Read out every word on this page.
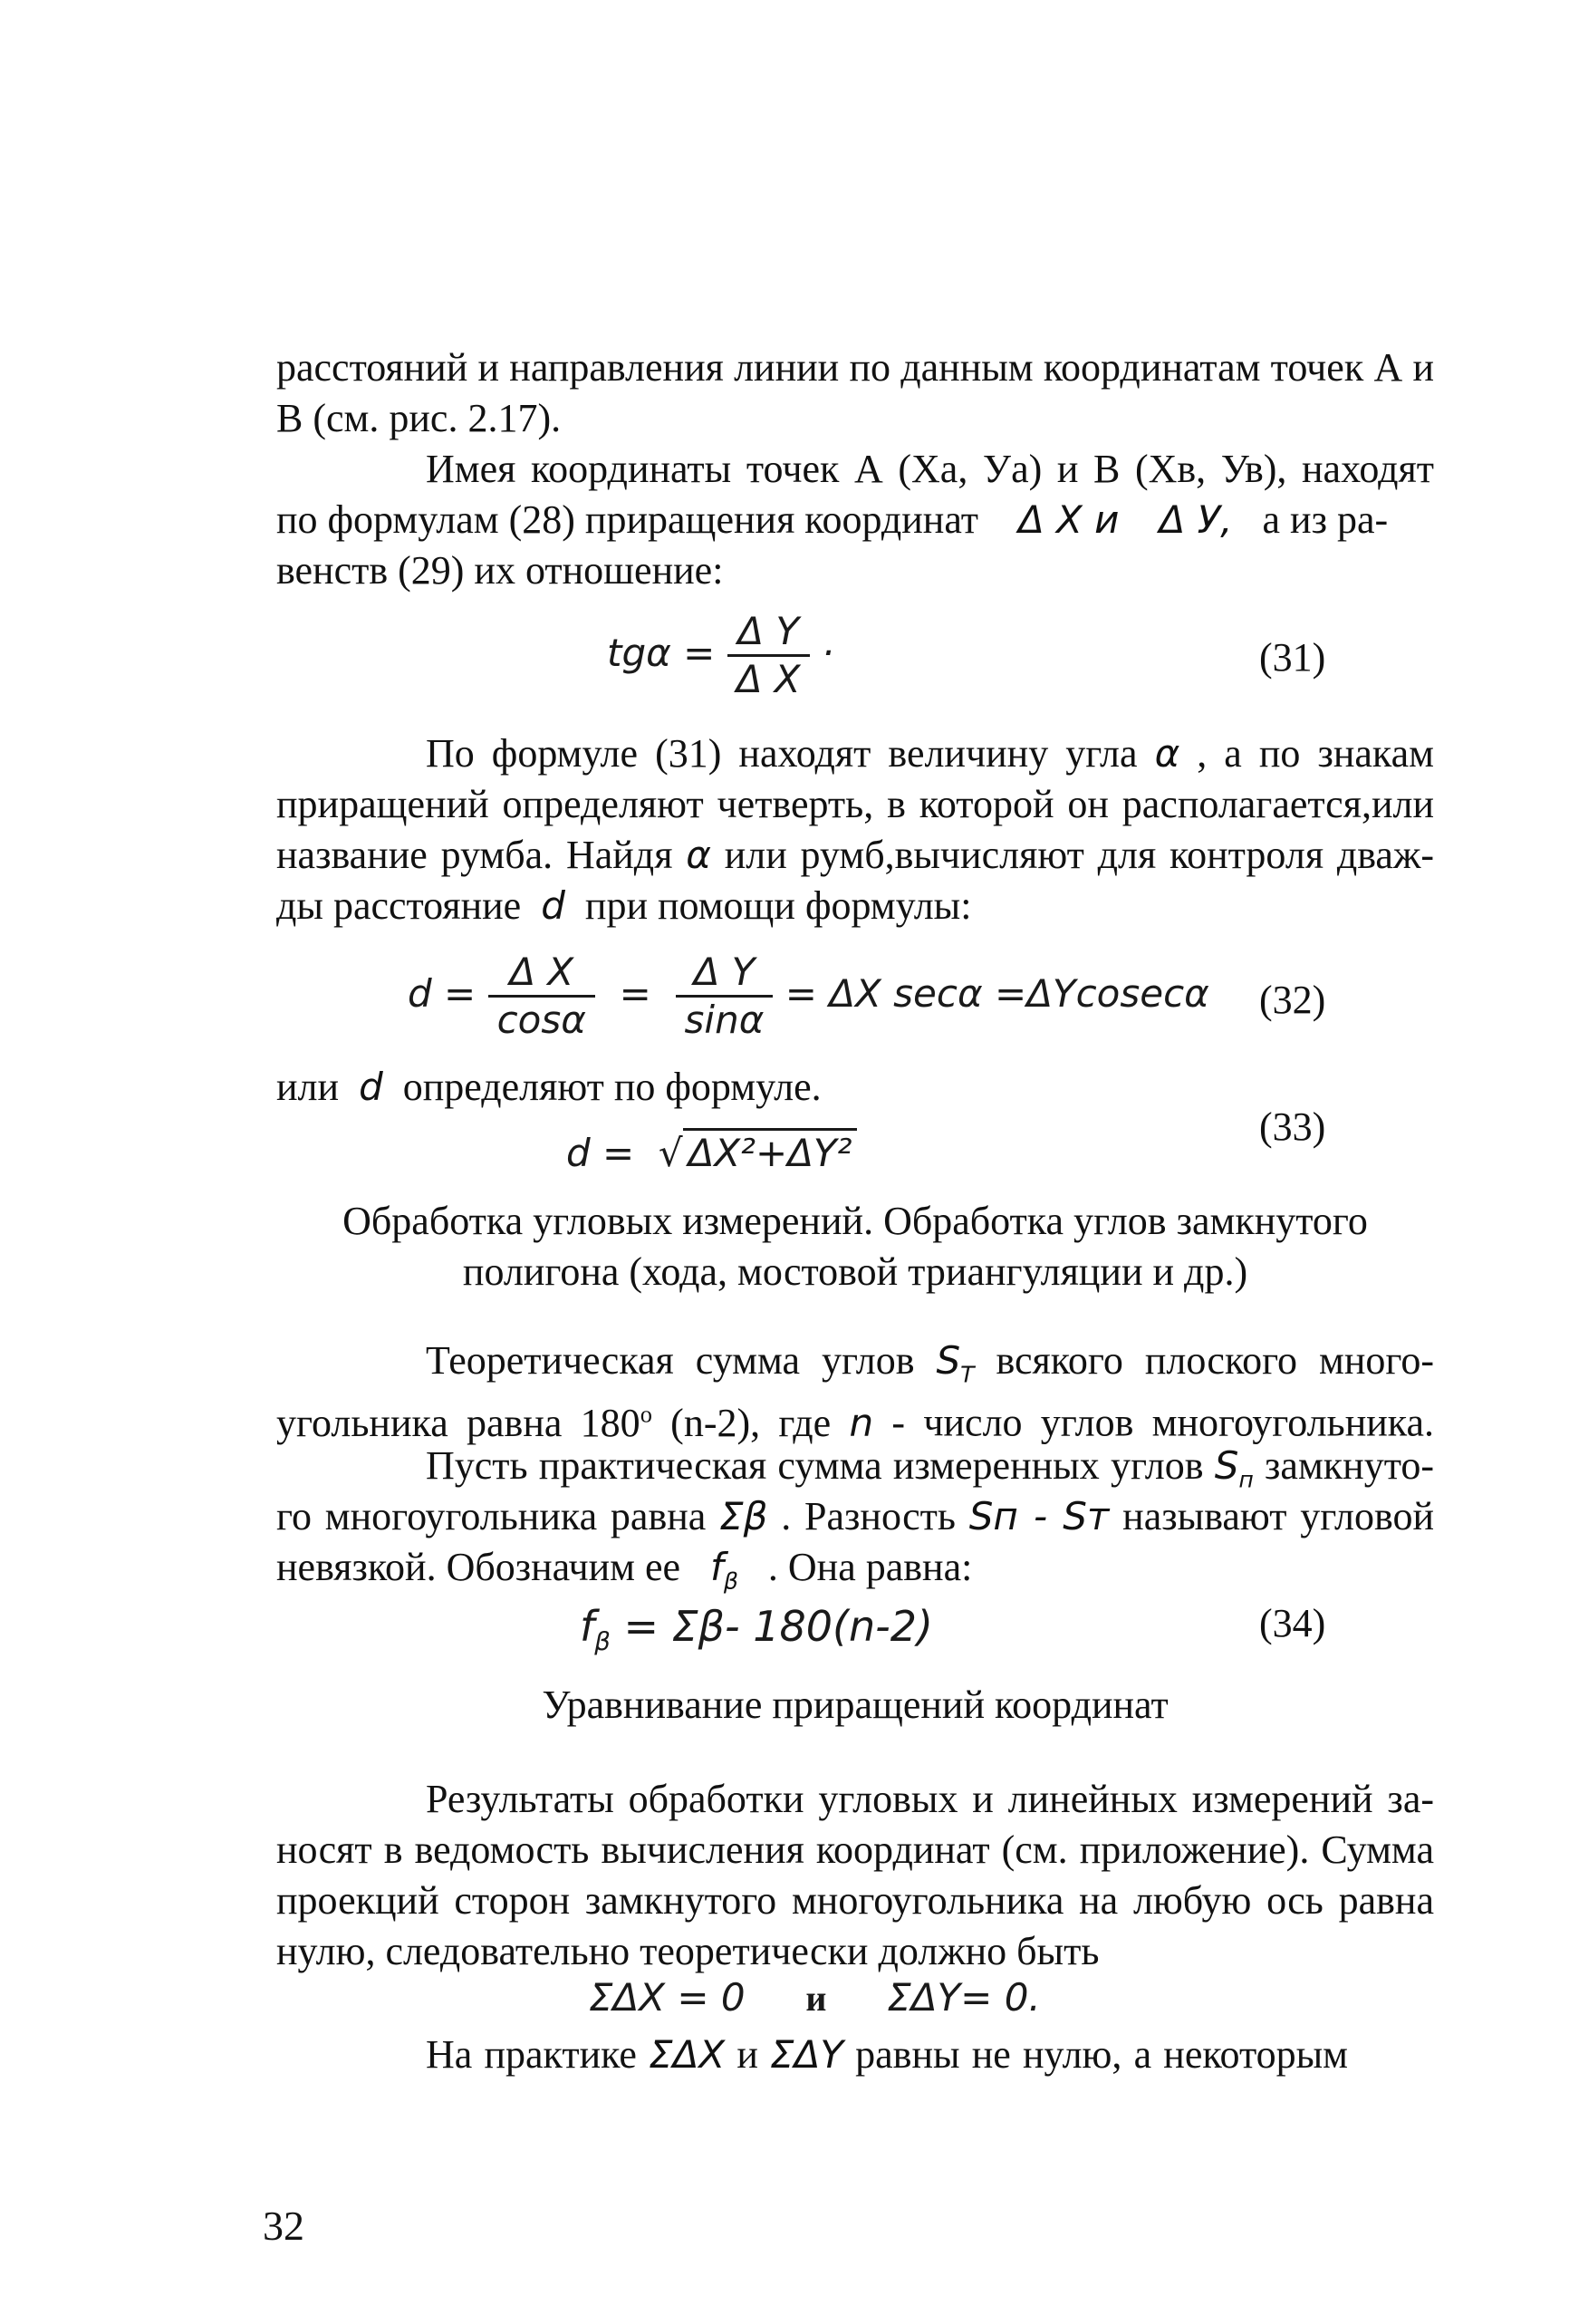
расстояний и направления линии по данным координатам точек А и
В (см. рис. 2.17).
Имея координаты точек А (Ха, Уа) и В (Хв, Ув), находят
по формулам (28) приращения координат Δ Х и Δ У, а из ра-
венств (29) их отношение:
$tg\alpha = \frac{\text{Δ Y}}{\text{Δ X}}$ ·	(31)
По формуле (31) находят величину угла α , а по знакам
приращений определяют четверть, в которой он располагается,или
название румба. Найдя α или румб,вычисляют для контроля дваж-
ды расстояние d при помощи формулы:
$d = \frac{\text{Δ X}}{\cos\alpha} = \frac{\text{Δ Y}}{\sin\alpha} = \Delta X$ secα =ΔYcosecα (32)
или d определяют по формуле.
d = √ ΔX²+ΔY²
(33)
Обработка угловых измерений. Обработка углов замкнутого
полигона (хода, мостовой триангуляции и др.)
Теоретическая сумма углов $S_T$ всякого плоского много-
угольника равна $180^о$ (n-2), где n - число углов многоугольника.
Пусть практическая сумма измеренных углов $S_п$ замкнуто-
го многоугольника равна Σβ . Разность Sп - Sт называют угловой
невязкой. Обозначим ее $f_\beta$ . Она равна:
$f_\beta = \Sigma\beta-$ 180(n-2)	(34)
Уравнивание приращений координат
Результаты обработки угловых и линейных измерений за-
носят в ведомость вычисления координат (см. приложение). Сумма
проекций сторон замкнутого многоугольника на любую ось равна
нулю, следовательно теоретически должно быть
ΣΔX = 0 и ΣΔY= 0.
На практике ΣΔX и ΣΔY равны не нулю, а некоторым
32
